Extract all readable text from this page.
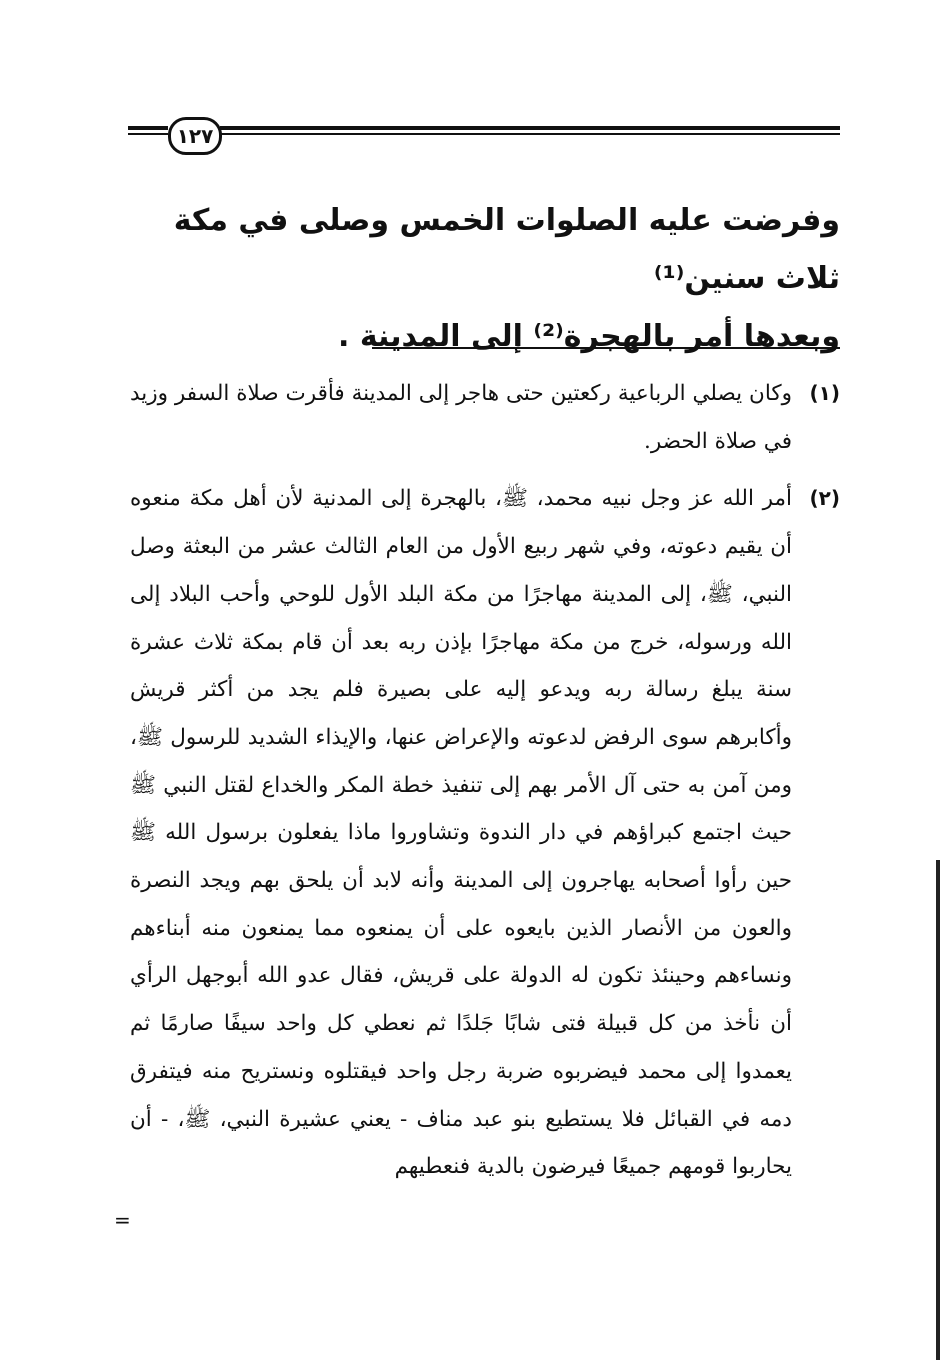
١٢٧

وفرضت عليه الصلوات الخمس وصلى في مكة ثلاث سنين⁽¹⁾

وبعدها أمر بالهجرة⁽²⁾ إلى المدينة .

(١)
وكان يصلي الرباعية ركعتين حتى هاجر إلى المدينة فأقرت صلاة السفر وزيد في صلاة الحضر.
(٢)
أمر الله عز وجل نبيه محمد، ﷺ، بالهجرة إلى المدنية لأن أهل مكة منعوه أن يقيم دعوته، وفي شهر ربيع الأول من العام الثالث عشر من البعثة وصل النبي، ﷺ، إلى المدينة مهاجرًا من مكة البلد الأول للوحي وأحب البلاد إلى الله ورسوله، خرج من مكة مهاجرًا بإذن ربه بعد أن قام بمكة ثلاث عشرة سنة يبلغ رسالة ربه ويدعو إليه على بصيرة فلم يجد من أكثر قريش وأكابرهم سوى الرفض لدعوته والإعراض عنها، والإيذاء الشديد للرسول ﷺ، ومن آمن به حتى آل الأمر بهم إلى تنفيذ خطة المكر والخداع لقتل النبي ﷺ حيث اجتمع كبراؤهم في دار الندوة وتشاوروا ماذا يفعلون برسول الله ﷺ حين رأوا أصحابه يهاجرون إلى المدينة وأنه لابد أن يلحق بهم ويجد النصرة والعون من الأنصار الذين بايعوه على أن يمنعوه مما يمنعون منه أبناءهم ونساءهم وحينئذ تكون له الدولة على قريش، فقال عدو الله أبوجهل الرأي أن نأخذ من كل قبيلة فتى شابًا جَلدًا ثم نعطي كل واحد سيفًا صارمًا ثم يعمدوا إلى محمد فيضربوه ضربة رجل واحد فيقتلوه ونستريح منه فيتفرق دمه في القبائل فلا يستطيع بنو عبد مناف - يعني عشيرة النبي، ﷺ، - أن يحاربوا قومهم جميعًا فيرضون بالدية فنعطيهم
=
